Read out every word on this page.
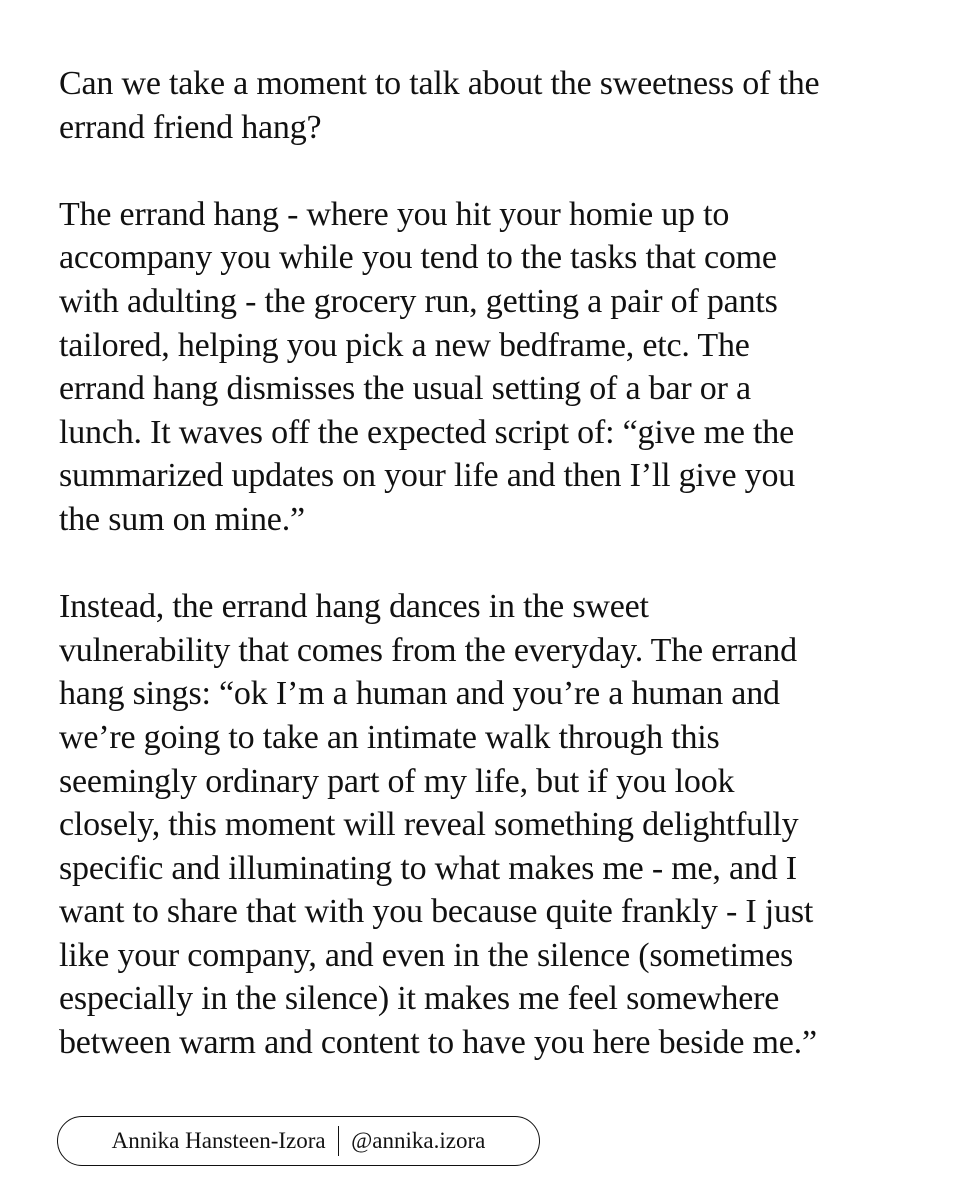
Can we take a moment to talk about the sweetness of the
errand friend hang?

The errand hang - where you hit your homie up to
accompany you while you tend to the tasks that come
with adulting - the grocery run, getting a pair of pants
tailored, helping you pick a new bedframe, etc. The
errand hang dismisses the usual setting of a bar or a
lunch. It waves off the expected script of: “give me the
summarized updates on your life and then I’ll give you
the sum on mine.”

Instead, the errand hang dances in the sweet
vulnerability that comes from the everyday. The errand
hang sings: “ok I’m a human and you’re a human and
we’re going to take an intimate walk through this
seemingly ordinary part of my life, but if you look
closely, this moment will reveal something delightfully
specific and illuminating to what makes me - me, and I
want to share that with you because quite frankly - I just
like your company, and even in the silence (sometimes
especially in the silence) it makes me feel somewhere
between warm and content to have you here beside me.”

Annika Hansteen-Izora @annika.izora
